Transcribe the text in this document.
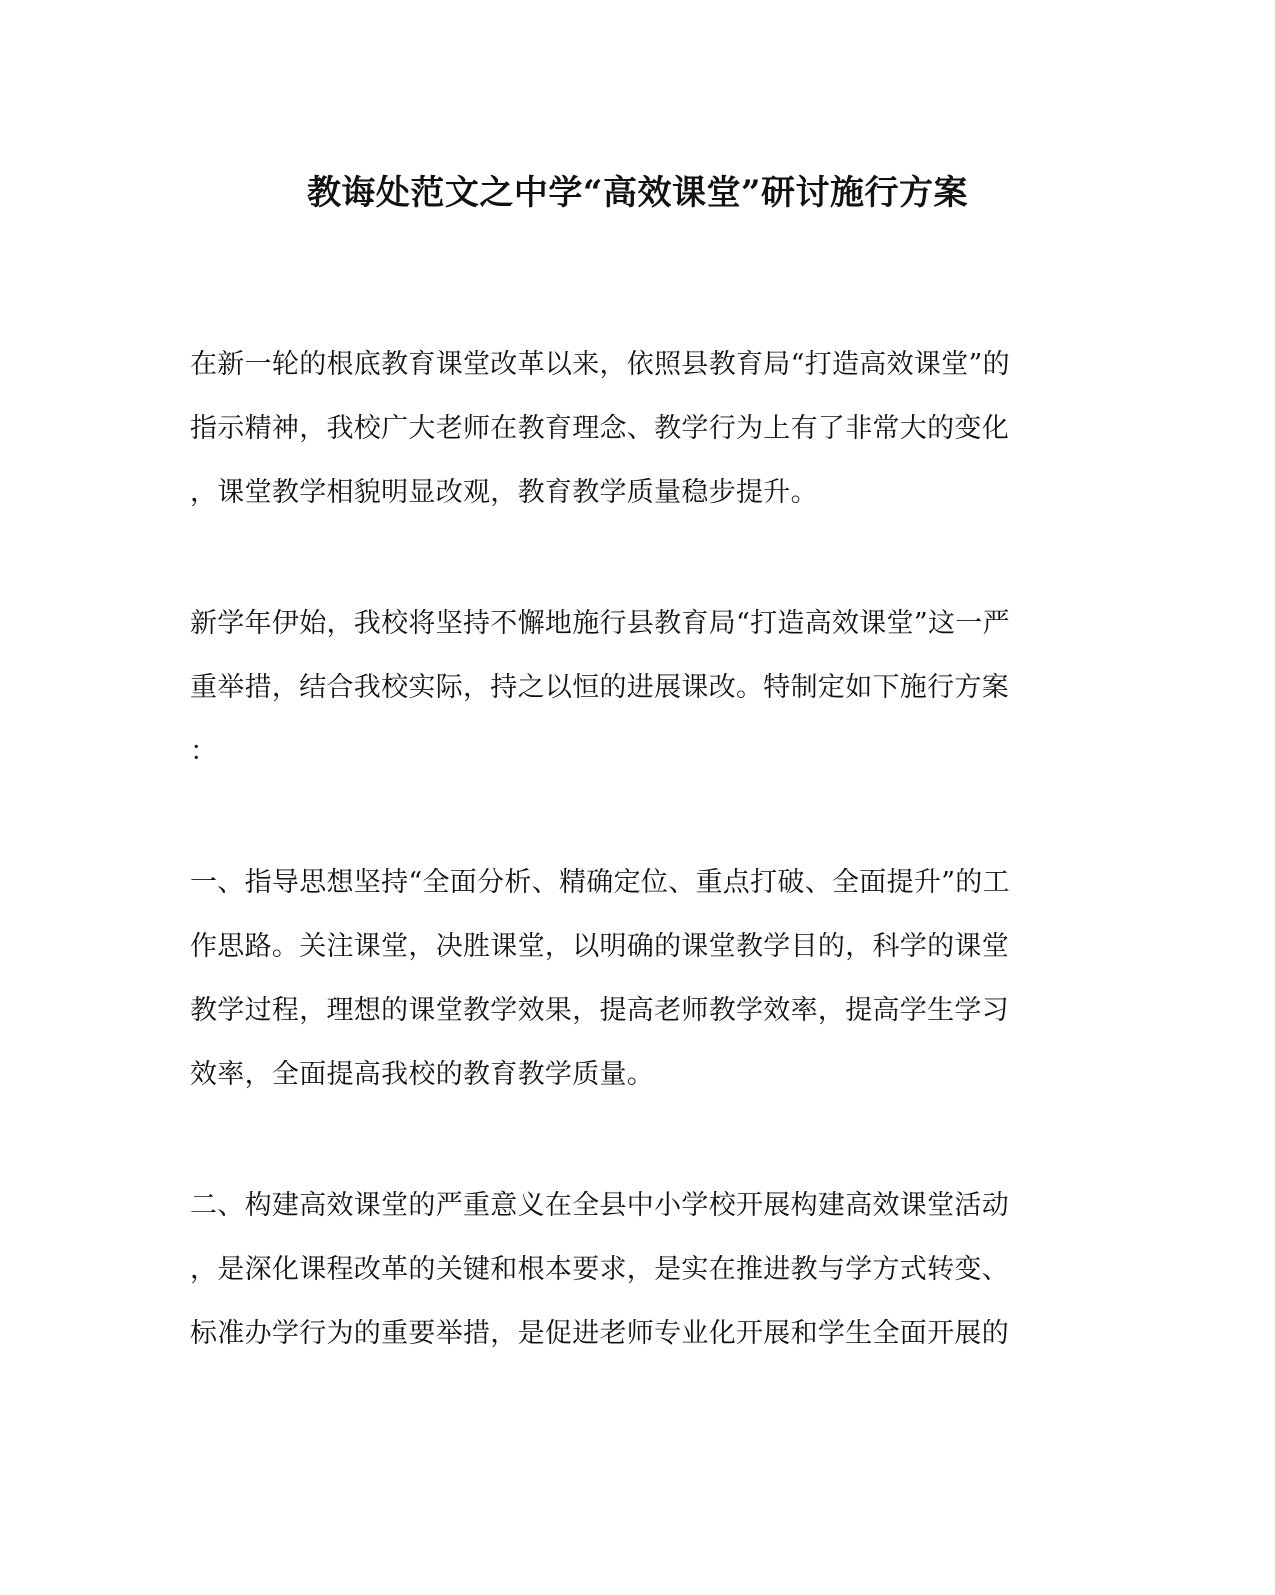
教诲处范文之中学“高效课堂”研讨施行方案
在新一轮的根底教育课堂改革以来，依照县教育局“打造高效课堂”的
指示精神，我校广大老师在教育理念、教学行为上有了非常大的变化
，课堂教学相貌明显改观，教育教学质量稳步提升。
新学年伊始，我校将坚持不懈地施行县教育局“打造高效课堂”这一严
重举措，结合我校实际，持之以恒的进展课改。特制定如下施行方案
：
一、指导思想坚持“全面分析、精确定位、重点打破、全面提升”的工
作思路。关注课堂，决胜课堂，以明确的课堂教学目的，科学的课堂
教学过程，理想的课堂教学效果，提高老师教学效率，提高学生学习
效率，全面提高我校的教育教学质量。
二、构建高效课堂的严重意义在全县中小学校开展构建高效课堂活动
，是深化课程改革的关键和根本要求，是实在推进教与学方式转变、
标准办学行为的重要举措，是促进老师专业化开展和学生全面开展的
